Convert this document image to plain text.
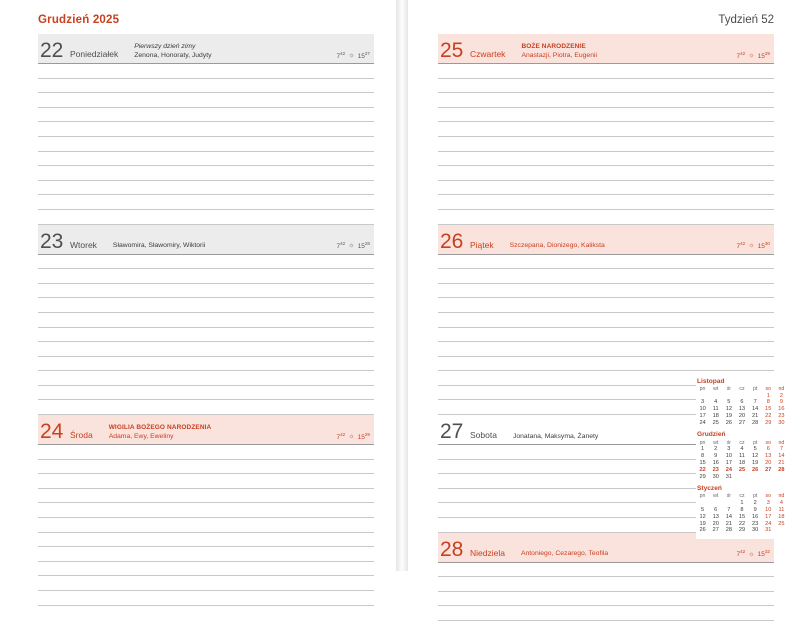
Grudzień 2025
22 Poniedziałek
Pierwszy dzień zimy
Zenona, Honoraty, Judyty	$7^{42}$ ☼ $15^{27}$
23 Wtorek Sławomira, Sławomiry, Wiktorii	$7^{42}$ ☼ $15^{28}$
24 Środa
WIGILIA BOŻEGO NARODZENIA
Adama, Ewy, Eweliny	$7^{42}$ ☼ $15^{29}$
Tydzień 52
25 Czwartek
BOŻE NARODZENIE
Anastazji, Piotra, Eugenii	$7^{42}$ ☼ $15^{29}$
26 Piątek Szczepana, Dionizego, Kaliksta	$7^{42}$ ☼ $15^{30}$
27 Sobota Jonatana, Maksyma, Żanety
28 Niedziela Antoniego, Cezarego, Teofila	$7^{42}$ ☼ $15^{32}$
Listopad
pn	wt	śr	cz	pt	so	nd
					1	2
3	4	5	6	7	8	9
10	11	12	13	14	15	16
17	18	19	20	21	22	23
24	25	26	27	28	29	30
Grudzień
pn	wt	śr	cz	pt	so	nd
1	2	3	4	5	6	7
8	9	10	11	12	13	14
15	16	17	18	19	20	21
22	23	24	25	26	27	28
29	30	31				
Styczeń
pn	wt	śr	cz	pt	so	nd
			1	2	3	4
5	6	7	8	9	10	11
12	13	14	15	16	17	18
19	20	21	22	23	24	25
26	27	28	29	30	31	
